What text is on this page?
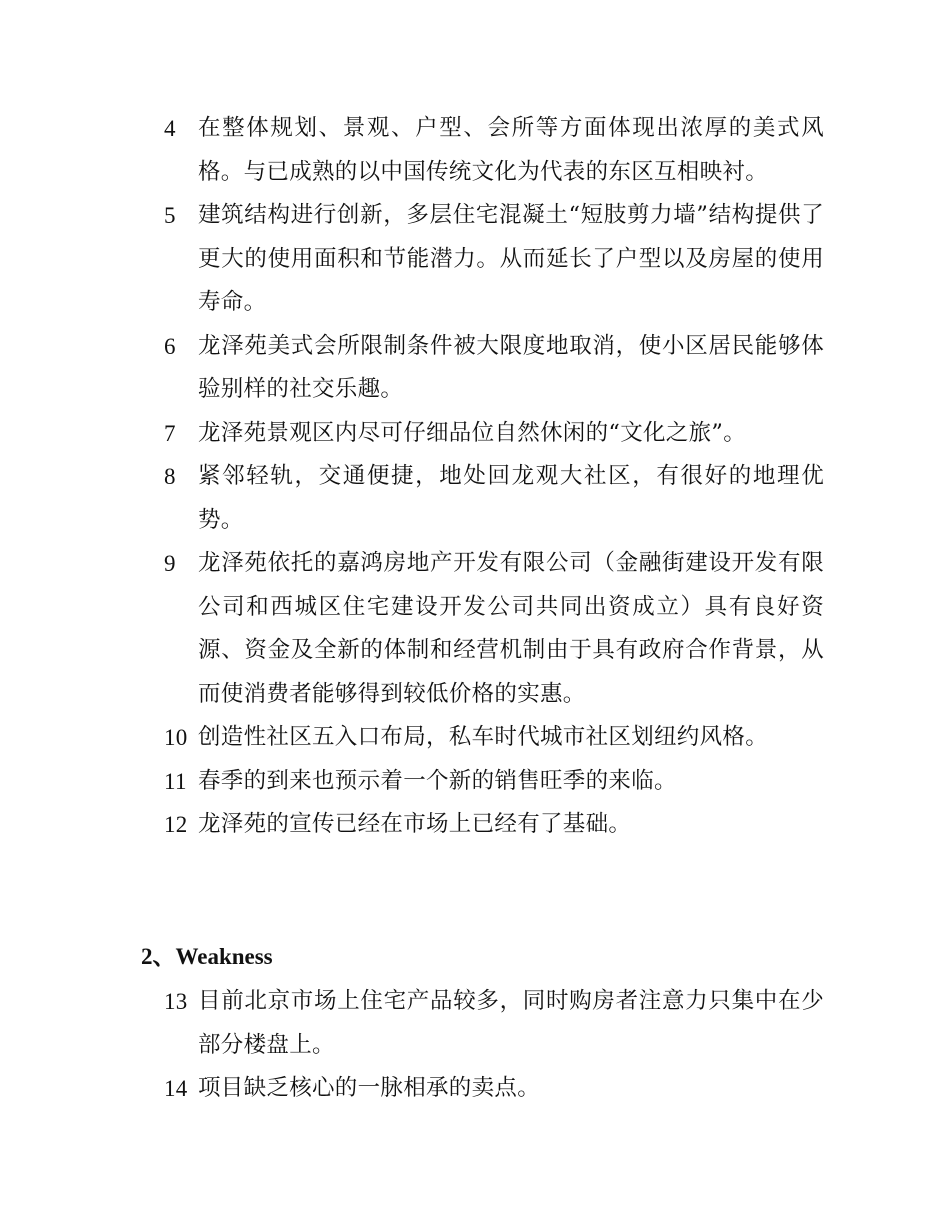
4 在整体规划、景观、户型、会所等方面体现出浓厚的美式风格。与已成熟的以中国传统文化为代表的东区互相映衬。
5 建筑结构进行创新，多层住宅混凝土“短肢剪力墙”结构提供了更大的使用面积和节能潜力。从而延长了户型以及房屋的使用寿命。
6 龙泽苑美式会所限制条件被大限度地取消，使小区居民能够体验别样的社交乐趣。
7 龙泽苑景观区内尽可仔细品位自然休闲的“文化之旅”。
8 紧邻轻轨，交通便捷，地处回龙观大社区，有很好的地理优势。
9 龙泽苑依托的嘉鸿房地产开发有限公司（金融街建设开发有限公司和西城区住宅建设开发公司共同出资成立）具有良好资源、资金及全新的体制和经营机制由于具有政府合作背景，从而使消费者能够得到较低价格的实惠。
10 创造性社区五入口布局，私车时代城市社区划纽约风格。
11 春季的到来也预示着一个新的销售旺季的来临。
12 龙泽苑的宣传已经在市场上已经有了基础。
2、Weakness
13 目前北京市场上住宅产品较多，同时购房者注意力只集中在少部分楼盘上。
14 项目缺乏核心的一脉相承的卖点。
